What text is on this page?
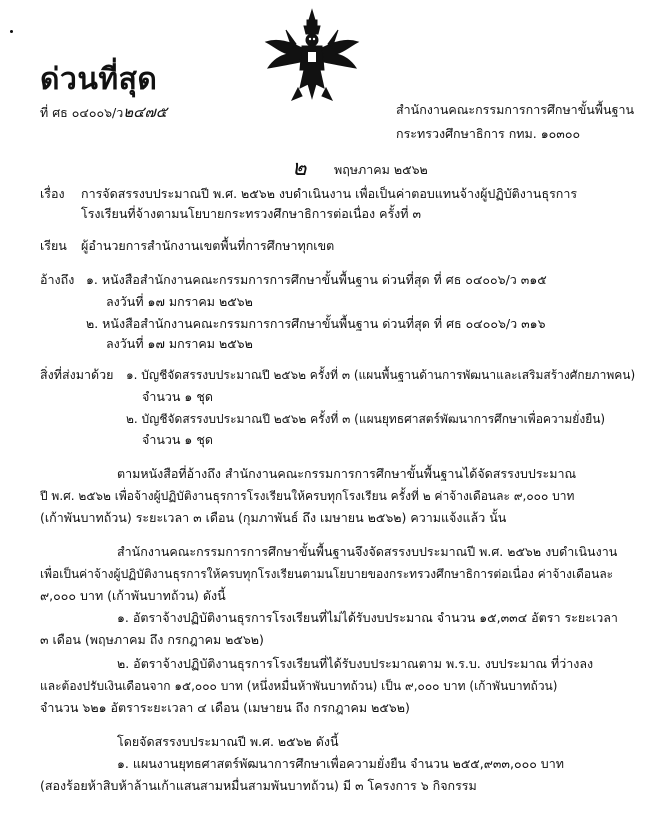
ด่วนที่สุด
ที่ ศธ ๐๔๐๐๖/ว๒๔๗๕	สำนักงานคณะกรรมการการศึกษาขั้นพื้นฐาน
กระทรวงศึกษาธิการ กทม. ๑๐๓๐๐
๒ พฤษภาคม ๒๕๖๒
เรื่อง การจัดสรรงบประมาณปี พ.ศ. ๒๕๖๒ งบดำเนินงาน เพื่อเป็นค่าตอบแทนจ้างผู้ปฏิบัติงานธุรการ
โรงเรียนที่จ้างตามนโยบายกระทรวงศึกษาธิการต่อเนื่อง ครั้งที่ ๓
เรียน ผู้อำนวยการสำนักงานเขตพื้นที่การศึกษาทุกเขต
อ้างถึง ๑. หนังสือสำนักงานคณะกรรมการการศึกษาขั้นพื้นฐาน ด่วนที่สุด ที่ ศธ ๐๔๐๐๖/ว ๓๑๕
ลงวันที่ ๑๗ มกราคม ๒๕๖๒
๒. หนังสือสำนักงานคณะกรรมการการศึกษาขั้นพื้นฐาน ด่วนที่สุด ที่ ศธ ๐๔๐๐๖/ว ๓๑๖
ลงวันที่ ๑๗ มกราคม ๒๕๖๒
สิ่งที่ส่งมาด้วย ๑. บัญชีจัดสรรงบประมาณปี ๒๕๖๒ ครั้งที่ ๓ (แผนพื้นฐานด้านการพัฒนาและเสริมสร้างศักยภาพคน)
จำนวน ๑ ชุด
๒. บัญชีจัดสรรงบประมาณปี ๒๕๖๒ ครั้งที่ ๓ (แผนยุทธศาสตร์พัฒนาการศึกษาเพื่อความยั่งยืน)
จำนวน ๑ ชุด
ตามหนังสือที่อ้างถึง สำนักงานคณะกรรมการการศึกษาขั้นพื้นฐานได้จัดสรรงบประมาณ
ปี พ.ศ. ๒๕๖๒ เพื่อจ้างผู้ปฏิบัติงานธุรการโรงเรียนให้ครบทุกโรงเรียน ครั้งที่ ๒ ค่าจ้างเดือนละ ๙,๐๐๐ บาท
(เก้าพันบาทถ้วน) ระยะเวลา ๓ เดือน (กุมภาพันธ์ ถึง เมษายน ๒๕๖๒) ความแจ้งแล้ว นั้น
สำนักงานคณะกรรมการการศึกษาขั้นพื้นฐานจึงจัดสรรงบประมาณปี พ.ศ. ๒๕๖๒ งบดำเนินงาน
เพื่อเป็นค่าจ้างผู้ปฏิบัติงานธุรการให้ครบทุกโรงเรียนตามนโยบายของกระทรวงศึกษาธิการต่อเนื่อง ค่าจ้างเดือนละ
๙,๐๐๐ บาท (เก้าพันบาทถ้วน) ดังนี้
๑. อัตราจ้างปฏิบัติงานธุรการโรงเรียนที่ไม่ได้รับงบประมาณ จำนวน ๑๕,๓๓๔ อัตรา ระยะเวลา
๓ เดือน (พฤษภาคม ถึง กรกฎาคม ๒๕๖๒)
๒. อัตราจ้างปฏิบัติงานธุรการโรงเรียนที่ได้รับงบประมาณตาม พ.ร.บ. งบประมาณ ที่ว่างลง
และต้องปรับเงินเดือนจาก ๑๕,๐๐๐ บาท (หนึ่งหมื่นห้าพันบาทถ้วน) เป็น ๙,๐๐๐ บาท (เก้าพันบาทถ้วน)
จำนวน ๖๒๑ อัตราระยะเวลา ๔ เดือน (เมษายน ถึง กรกฎาคม ๒๕๖๒)
โดยจัดสรรงบประมาณปี พ.ศ. ๒๕๖๒ ดังนี้
๑. แผนงานยุทธศาสตร์พัฒนาการศึกษาเพื่อความยั่งยืน จำนวน ๒๕๕,๙๓๓,๐๐๐ บาท
(สองร้อยห้าสิบห้าล้านเก้าแสนสามหมื่นสามพันบาทถ้วน) มี ๓ โครงการ ๖ กิจกรรม
